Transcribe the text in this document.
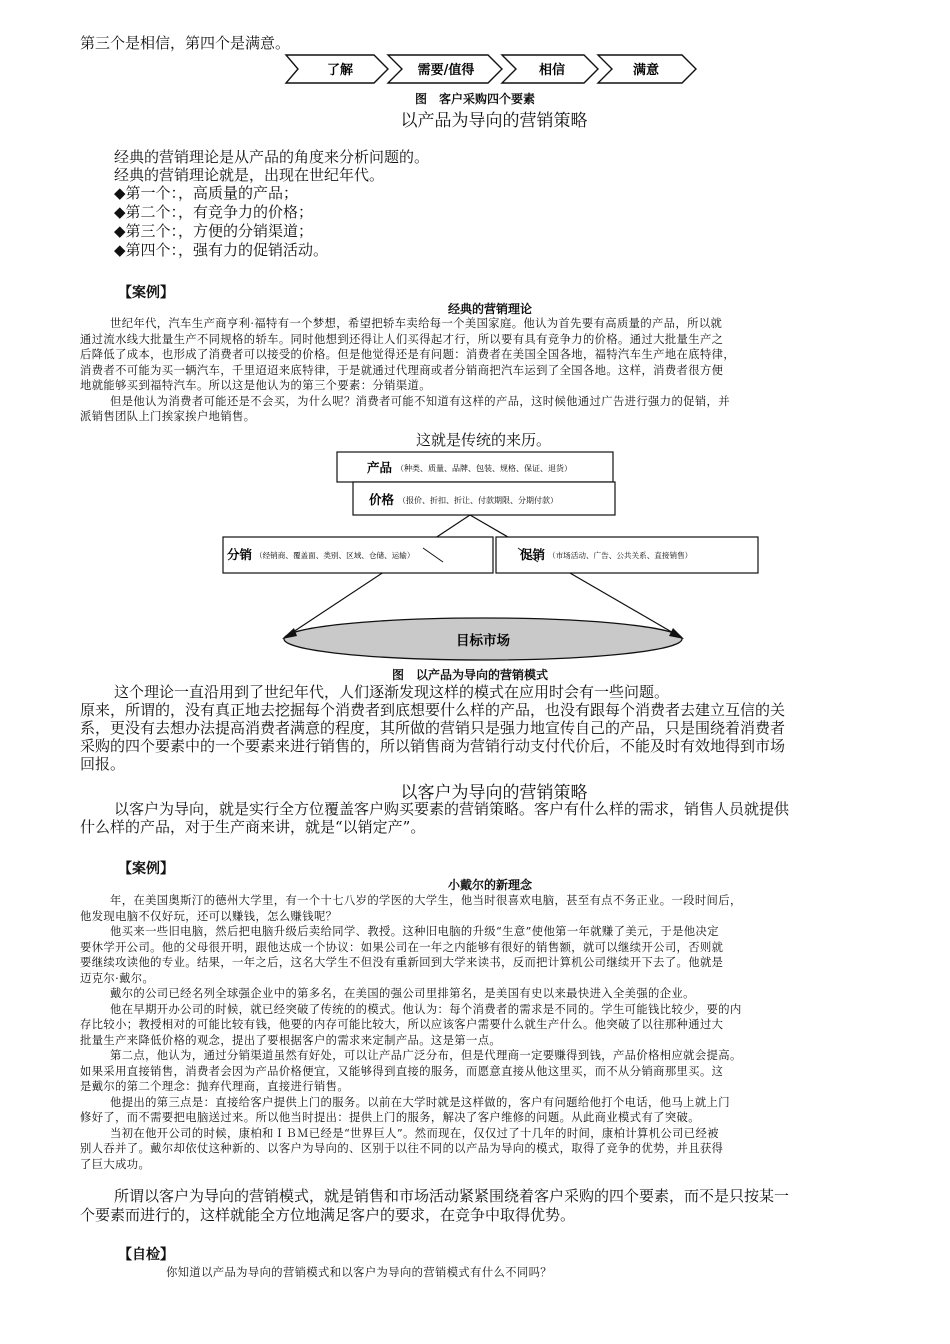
第三个是相信，第四个是满意。
了解	需要/值得	相信	满意
图　客户采购四个要素
以产品为导向的营销策略
经典的营销理论是从产品的角度来分析问题的。
经典的营销理论就是，出现在世纪年代。
◆第一个：，高质量的产品；
◆第二个：，有竞争力的价格；
◆第三个：，方便的分销渠道；
◆第四个：，强有力的促销活动。
【案例】
经典的营销理论
世纪年代，汽车生产商亨利·福特有一个梦想，希望把轿车卖给每一个美国家庭。他认为首先要有高质量的产品，所以就
通过流水线大批量生产不同规格的轿车。同时他想到还得让人们买得起才行，所以要有具有竞争力的价格。通过大批量生产之
后降低了成本，也形成了消费者可以接受的价格。但是他觉得还是有问题：消费者在美国全国各地，福特汽车生产地在底特律，
消费者不可能为买一辆汽车，千里迢迢来底特律，于是就通过代理商或者分销商把汽车运到了全国各地。这样，消费者很方便
地就能够买到福特汽车。所以这是他认为的第三个要素：分销渠道。
但是他认为消费者可能还是不会买，为什么呢？消费者可能不知道有这样的产品，这时候他通过广告进行强力的促销，并
派销售团队上门挨家挨户地销售。
这就是传统的来历。
产品 （种类、质量、品牌、包装、规格、保证、退货）
价格 （报价、折扣、折让、付款期限、分期付款）
分销 （经销商、覆盖面、类别、区域、仓储、运输）	促销 （市场活动、广告、公共关系、直接销售）
目标市场
图　以产品为导向的营销模式
这个理论一直沿用到了世纪年代，人们逐渐发现这样的模式在应用时会有一些问题。
原来，所谓的，没有真正地去挖掘每个消费者到底想要什么样的产品，也没有跟每个消费者去建立互信的关
系，更没有去想办法提高消费者满意的程度，其所做的营销只是强力地宣传自己的产品，只是围绕着消费者
采购的四个要素中的一个要素来进行销售的，所以销售商为营销行动支付代价后，不能及时有效地得到市场
回报。
以客户为导向的营销策略
以客户为导向，就是实行全方位覆盖客户购买要素的营销策略。客户有什么样的需求，销售人员就提供
什么样的产品，对于生产商来讲，就是“以销定产”。
【案例】
小戴尔的新理念
年，在美国奥斯汀的德州大学里，有一个十七八岁的学医的大学生，他当时很喜欢电脑，甚至有点不务正业。一段时间后，
他发现电脑不仅好玩，还可以赚钱，怎么赚钱呢？
他买来一些旧电脑，然后把电脑升级后卖给同学、教授。这种旧电脑的升级“生意”使他第一年就赚了美元，于是他决定
要休学开公司。他的父母很开明，跟他达成一个协议：如果公司在一年之内能够有很好的销售额，就可以继续开公司，否则就
要继续攻读他的专业。结果，一年之后，这名大学生不但没有重新回到大学来读书，反而把计算机公司继续开下去了。他就是
迈克尔·戴尔。
戴尔的公司已经名列全球强企业中的第多名，在美国的强公司里排第名，是美国有史以来最快进入全美强的企业。
他在早期开办公司的时候，就已经突破了传统的的模式。他认为：每个消费者的需求是不同的。学生可能钱比较少，要的内
存比较小；教授相对的可能比较有钱，他要的内存可能比较大，所以应该客户需要什么就生产什么。他突破了以往那种通过大
批量生产来降低价格的观念，提出了要根据客户的需求来定制产品。这是第一点。
第二点，他认为，通过分销渠道虽然有好处，可以让产品广泛分布，但是代理商一定要赚得到钱，产品价格相应就会提高。
如果采用直接销售，消费者会因为产品价格便宜，又能够得到直接的服务，而愿意直接从他这里买，而不从分销商那里买。这
是戴尔的第二个理念：抛弃代理商，直接进行销售。
他提出的第三点是：直接给客户提供上门的服务。以前在大学时就是这样做的，客户有问题给他打个电话，他马上就上门
修好了，而不需要把电脑送过来。所以他当时提出：提供上门的服务，解决了客户维修的问题。从此商业模式有了突破。
当初在他开公司的时候，康柏和ＩＢＭ已经是“世界巨人”。然而现在，仅仅过了十几年的时间，康柏计算机公司已经被
别人吞并了。戴尔却依仗这种新的、以客户为导向的、区别于以往不同的以产品为导向的模式，取得了竞争的优势，并且获得
了巨大成功。
所谓以客户为导向的营销模式，就是销售和市场活动紧紧围绕着客户采购的四个要素，而不是只按某一
个要素而进行的，这样就能全方位地满足客户的要求，在竞争中取得优势。
【自检】
你知道以产品为导向的营销模式和以客户为导向的营销模式有什么不同吗？
